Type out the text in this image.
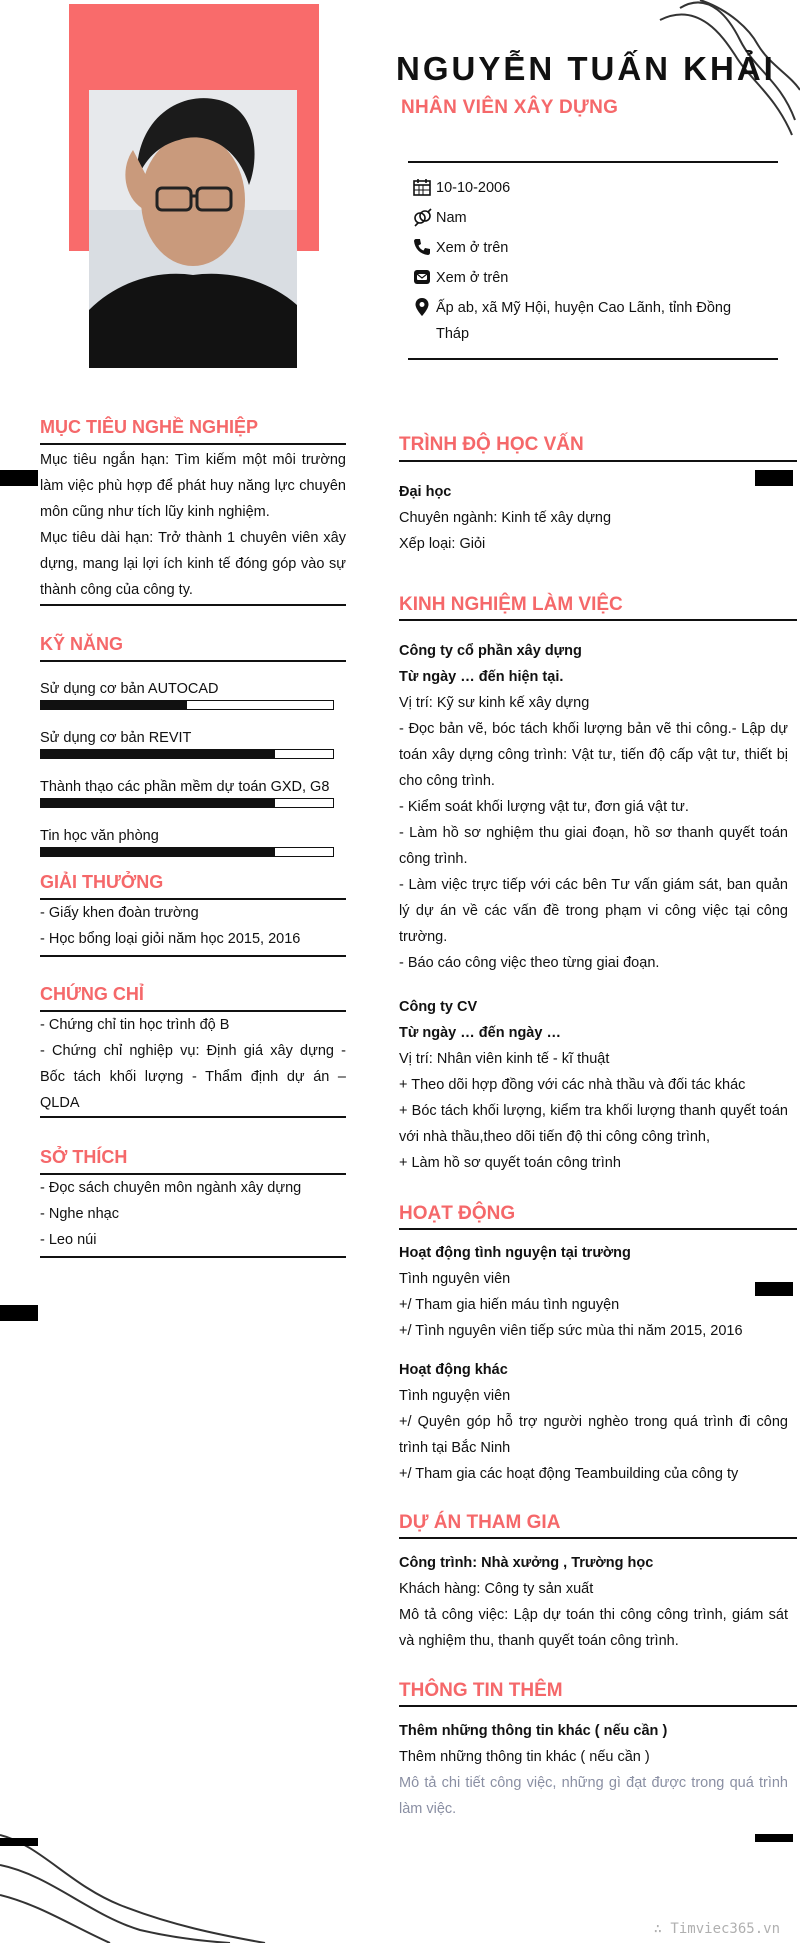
NGUYỄN TUẤN KHẢI
NHÂN VIÊN XÂY DỰNG
10-10-2006
Nam
Xem ở trên
Xem ở trên
Ấp ab, xã Mỹ Hội, huyện Cao Lãnh, tỉnh Đồng Tháp
MỤC TIÊU NGHỀ NGHIỆP
Mục tiêu ngắn hạn: Tìm kiếm một môi trường làm việc phù hợp để phát huy năng lực chuyên môn cũng như tích lũy kinh nghiệm.
Mục tiêu dài hạn: Trở thành 1 chuyên viên xây dựng, mang lại lợi ích kinh tế đóng góp vào sự thành công của công ty.
KỸ NĂNG
Sử dụng cơ bản AUTOCAD
Sử dụng cơ bản REVIT
Thành thạo các phần mềm dự toán GXD, G8
Tin học văn phòng
GIẢI THƯỞNG
- Giấy khen đoàn trường
- Học bổng loại giỏi năm học 2015, 2016
CHỨNG CHỈ
- Chứng chỉ tin học trình độ B
- Chứng chỉ nghiệp vụ: Định giá xây dựng - Bốc tách khối lượng - Thẩm định dự án – QLDA
SỞ THÍCH
- Đọc sách chuyên môn ngành xây dựng
- Nghe nhạc
- Leo núi
TRÌNH ĐỘ HỌC VẤN
Đại học
Chuyên ngành: Kinh tế xây dựng
Xếp loại: Giỏi
KINH NGHIỆM LÀM VIỆC
Công ty cổ phần xây dựng
Từ ngày … đến hiện tại.
Vị trí: Kỹ sư kinh kế xây dựng
- Đọc bản vẽ, bóc tách khối lượng bản vẽ thi công.- Lập dự toán xây dựng công trình: Vật tư, tiến độ cấp vật tư, thiết bị cho công trình.
- Kiểm soát khối lượng vật tư, đơn giá vật tư.
- Làm hồ sơ nghiệm thu giai đoạn, hồ sơ thanh quyết toán công trình.
- Làm việc trực tiếp với các bên Tư vấn giám sát, ban quản lý dự án về các vấn đề trong phạm vi công việc tại công trường.
- Báo cáo công việc theo từng giai đoạn.
Công ty CV
Từ ngày … đến ngày …
Vị trí: Nhân viên kinh tế - kĩ thuật
+ Theo dõi hợp đồng với các nhà thầu và đối tác khác
+ Bóc tách khối lượng, kiểm tra khối lượng thanh quyết toán với nhà thầu,theo dõi tiến độ thi công công trình,
+ Làm hồ sơ quyết toán công trình
HOẠT ĐỘNG
Hoạt động tình nguyện tại trường
Tình nguyên viên
+/ Tham gia hiến máu tình nguyện
+/ Tình nguyên viên tiếp sức mùa thi năm 2015, 2016
Hoạt động khác
Tình nguyện viên
+/ Quyên góp hỗ trợ người nghèo trong quá trình đi công trình tại Bắc Ninh
+/ Tham gia các hoạt động Teambuilding của công ty
DỰ ÁN THAM GIA
Công trình: Nhà xưởng , Trường học
Khách hàng: Công ty sản xuất
Mô tả công việc: Lập dự toán thi công công trình, giám sát và nghiệm thu, thanh quyết toán công trình.
THÔNG TIN THÊM
Thêm những thông tin khác ( nếu cần )
Thêm những thông tin khác ( nếu cần )
Mô tả chi tiết công việc, những gì đạt được trong quá trình làm việc.
∴ Timviec365.vn
